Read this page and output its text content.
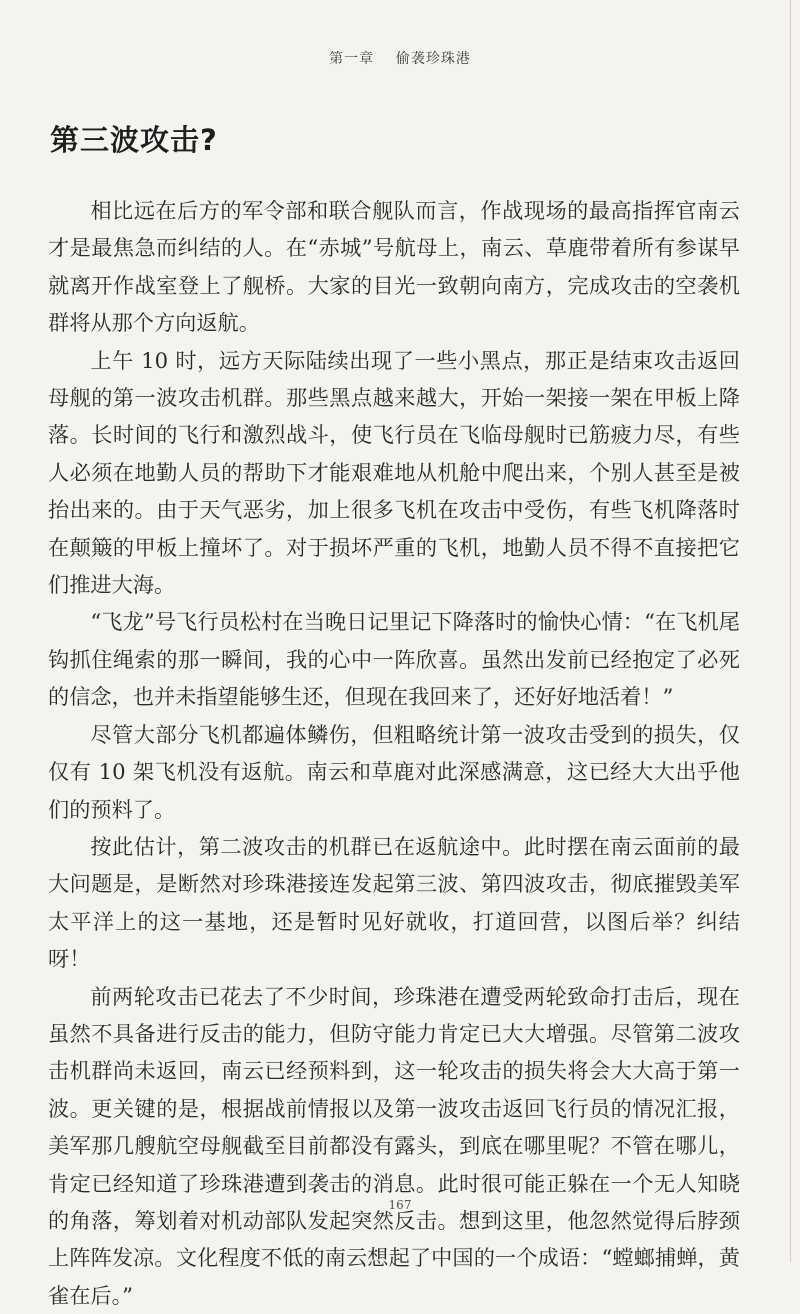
第一章 偷袭珍珠港
第三波攻击?

相比远在后方的军令部和联合舰队而言，作战现场的最高指挥官南云才是最焦急而纠结的人。在“赤城”号航母上，南云、草鹿带着所有参谋早就离开作战室登上了舰桥。大家的目光一致朝向南方，完成攻击的空袭机群将从那个方向返航。

上午 10 时，远方天际陆续出现了一些小黑点，那正是结束攻击返回母舰的第一波攻击机群。那些黑点越来越大，开始一架接一架在甲板上降落。长时间的飞行和激烈战斗，使飞行员在飞临母舰时已筋疲力尽，有些人必须在地勤人员的帮助下才能艰难地从机舱中爬出来，个别人甚至是被抬出来的。由于天气恶劣，加上很多飞机在攻击中受伤，有些飞机降落时在颠簸的甲板上撞坏了。对于损坏严重的飞机，地勤人员不得不直接把它们推进大海。

“飞龙”号飞行员松村在当晚日记里记下降落时的愉快心情：“在飞机尾钩抓住绳索的那一瞬间，我的心中一阵欣喜。虽然出发前已经抱定了必死的信念，也并未指望能够生还，但现在我回来了，还好好地活着！”

尽管大部分飞机都遍体鳞伤，但粗略统计第一波攻击受到的损失，仅仅有 10 架飞机没有返航。南云和草鹿对此深感满意，这已经大大出乎他们的预料了。

按此估计，第二波攻击的机群已在返航途中。此时摆在南云面前的最大问题是，是断然对珍珠港接连发起第三波、第四波攻击，彻底摧毁美军太平洋上的这一基地，还是暂时见好就收，打道回营，以图后举？纠结呀！

前两轮攻击已花去了不少时间，珍珠港在遭受两轮致命打击后，现在虽然不具备进行反击的能力，但防守能力肯定已大大增强。尽管第二波攻击机群尚未返回，南云已经预料到，这一轮攻击的损失将会大大高于第一波。更关键的是，根据战前情报以及第一波攻击返回飞行员的情况汇报，美军那几艘航空母舰截至目前都没有露头，到底在哪里呢？不管在哪儿，肯定已经知道了珍珠港遭到袭击的消息。此时很可能正躲在一个无人知晓的角落，筹划着对机动部队发起突然反击。想到这里，他忽然觉得后脖颈上阵阵发凉。文化程度不低的南云想起了中国的一个成语：“螳螂捕蝉，黄雀在后。”

167
